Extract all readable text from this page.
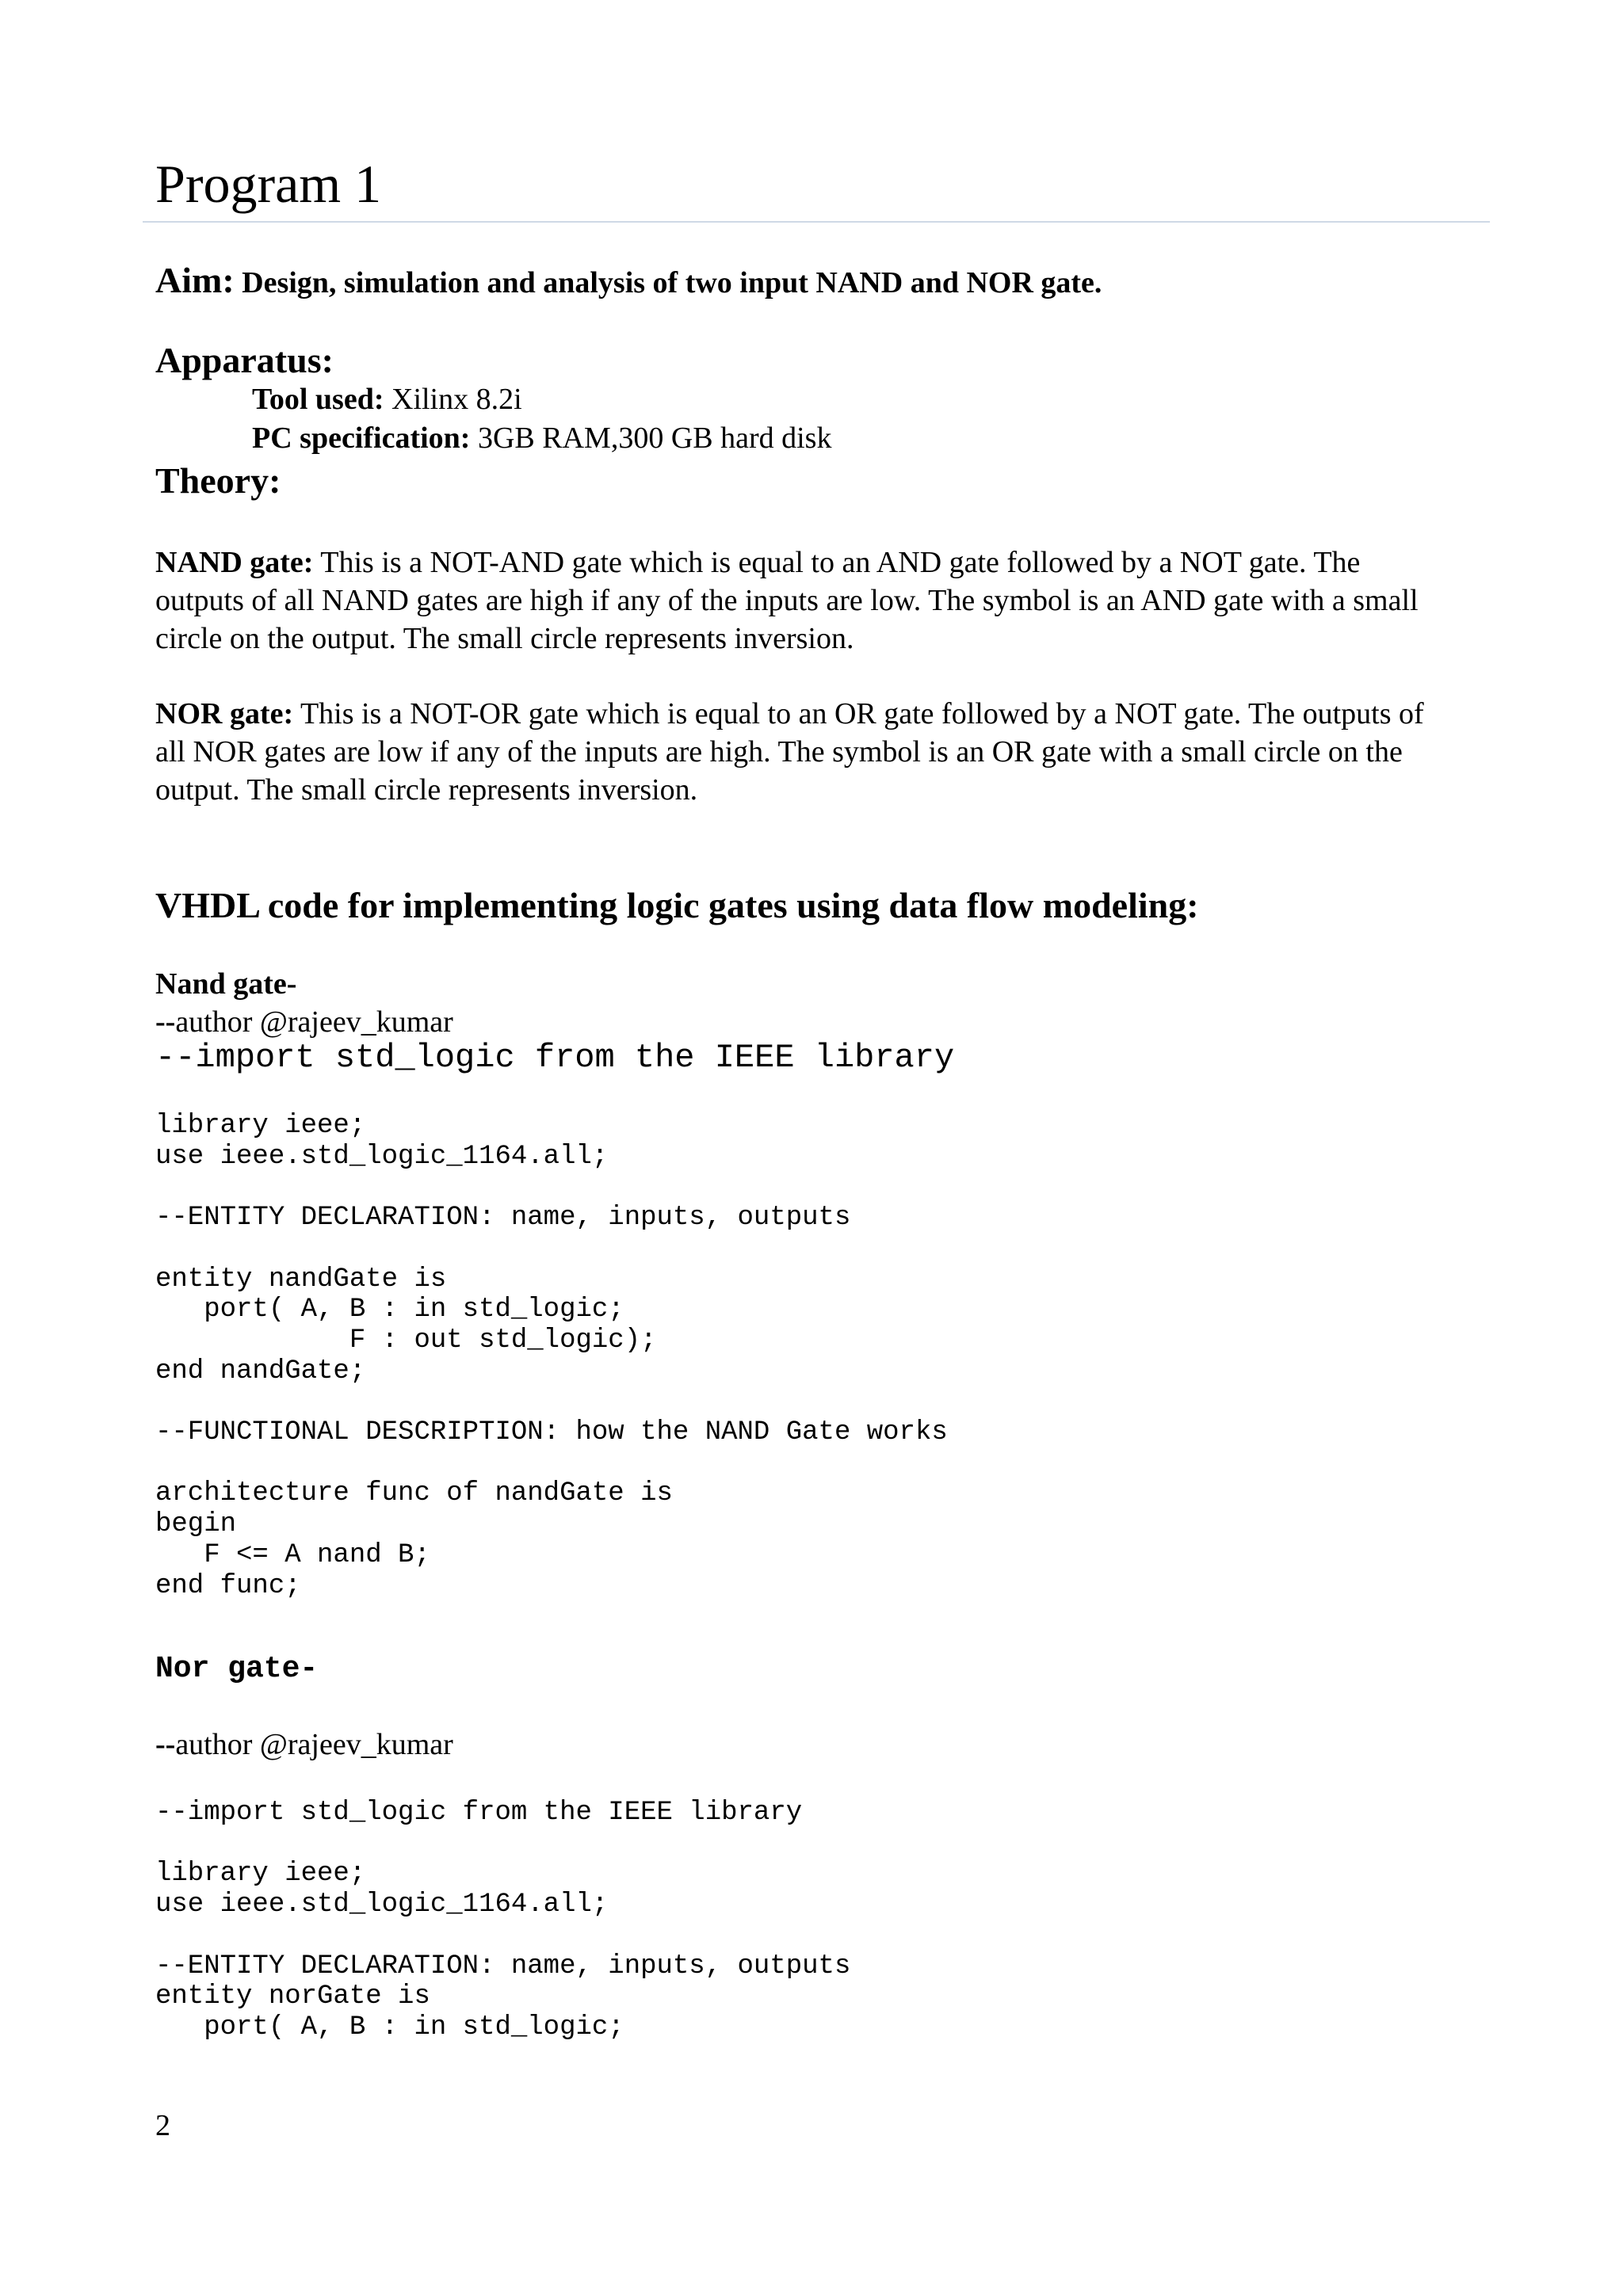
Program 1
Aim: Design, simulation and analysis of two input NAND and NOR gate.
Apparatus:
Tool used: Xilinx 8.2i
PC specification: 3GB RAM,300 GB hard disk
Theory:
NAND gate: This is a NOT-AND gate which is equal to an AND gate followed by a NOT gate. The outputs of all NAND gates are high if any of the inputs are low. The symbol is an AND gate with a small circle on the output. The small circle represents inversion.
NOR gate: This is a NOT-OR gate which is equal to an OR gate followed by a NOT gate. The outputs of all NOR gates are low if any of the inputs are high. The symbol is an OR gate with a small circle on the output. The small circle represents inversion.
VHDL code for implementing logic gates using data flow modeling:
Nand gate-
--author @rajeev_kumar
--import std_logic from the IEEE library
library ieee;
use ieee.std_logic_1164.all;

--ENTITY DECLARATION: name, inputs, outputs

entity nandGate is
port( A, B : in std_logic;
F : out std_logic);
end nandGate;

--FUNCTIONAL DESCRIPTION: how the NAND Gate works

architecture func of nandGate is
begin
F <= A nand B;
end func;
Nor gate-
--author @rajeev_kumar
--import std_logic from the IEEE library

library ieee;
use ieee.std_logic_1164.all;

--ENTITY DECLARATION: name, inputs, outputs
entity norGate is
port( A, B : in std_logic;
2
